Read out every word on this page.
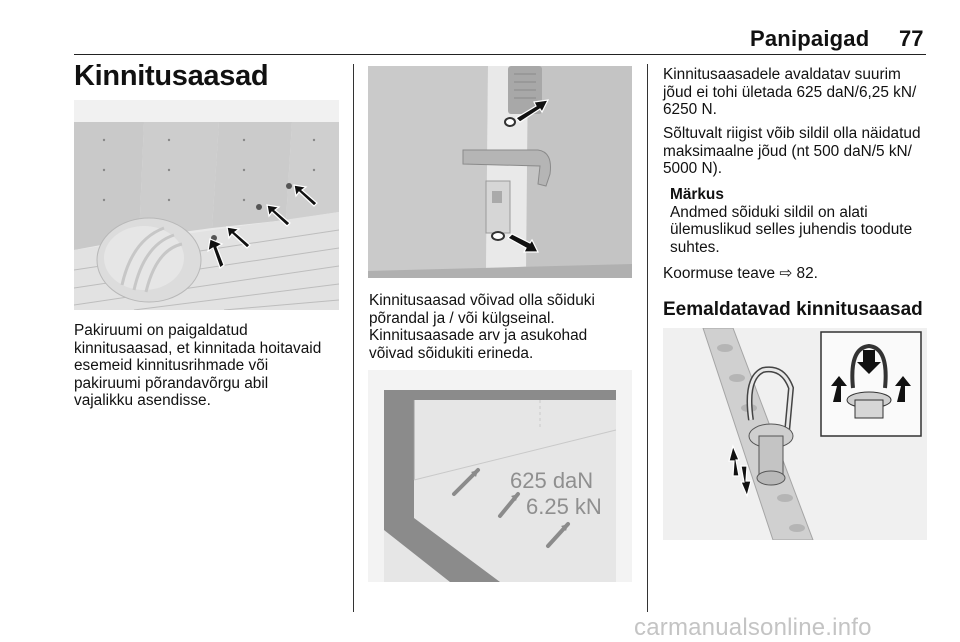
Panipaigad 77
Kinnitusaasad
Pakiruumi on paigaldatud
kinnitusaasad, et kinnitada hoitavaid
esemeid kinnitusrihmade või
pakiruumi põrandavõrgu abil
vajalikku asendisse.
Kinnitusaasad võivad olla sõiduki
põrandal ja / või külgseinal.
Kinnitusaasade arv ja asukohad
võivad sõidukiti erineda.
625 daN
6.25 kN
Kinnitusaasadele avaldatav suurim
jõud ei tohi ületada 625 daN/6,25 kN/
6250 N.
Sõltuvalt riigist võib sildil olla näidatud
maksimaalne jõud (nt 500 daN/5 kN/
5000 N).
Märkus
Andmed sõiduki sildil on alati
ülemuslikud selles juhendis toodute
suhtes.
Koormuse teave ⇨ 82.
Eemaldatavad kinnitusaasad
carmanualsonline.info
